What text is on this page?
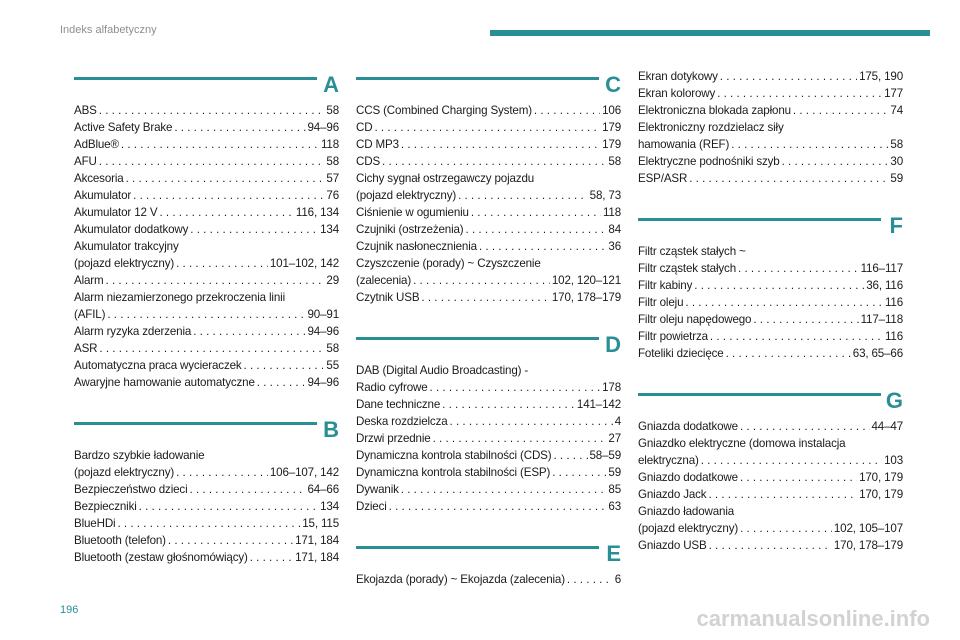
Indeks alfabetyczny
A
ABS . . .	58
Active Safety Brake . . .	94–96
AdBlue® . . .	118
AFU . . .	58
Akcesoria . . .	57
Akumulator . . .	76
Akumulator 12 V . . .	116, 134
Akumulator dodatkowy . . .	134
Akumulator trakcyjny
(pojazd elektryczny) . . .	101–102, 142
Alarm . . .	29
Alarm niezamierzonego przekroczenia linii
(AFIL) . . .	90–91
Alarm ryzyka zderzenia . . .	94–96
ASR . . .	58
Automatyczna praca wycieraczek . . .	55
Awaryjne hamowanie automatyczne . . .	94–96
B
Bardzo szybkie ładowanie
(pojazd elektryczny) . . .	106–107, 142
Bezpieczeństwo dzieci . . .	64–66
Bezpieczniki . . .	134
BlueHDi . . .	15, 115
Bluetooth (telefon) . . .	171, 184
Bluetooth (zestaw głośnomówiący) . . .	171, 184
C
CCS (Combined Charging System) . . .	106
CD . . .	179
CD MP3 . . .	179
CDS . . .	58
Cichy sygnał ostrzegawczy pojazdu
(pojazd elektryczny) . . .	58, 73
Ciśnienie w ogumieniu . . .	118
Czujniki (ostrzeżenia) . . .	84
Czujnik nasłonecznienia . . .	36
Czyszczenie (porady) ~ Czyszczenie
(zalecenia) . . .	102, 120–121
Czytnik USB . . .	170, 178–179
D
DAB (Digital Audio Broadcasting) -
Radio cyfrowe . . .	178
Dane techniczne . . .	141–142
Deska rozdzielcza . . .	4
Drzwi przednie . . .	27
Dynamiczna kontrola stabilności (CDS) . . .	58–59
Dynamiczna kontrola stabilności (ESP) . . .	59
Dywanik . . .	85
Dzieci . . .	63
E
Ekojazda (porady) ~ Ekojazda (zalecenia) . . .	6
Ekran dotykowy . . .	175, 190
Ekran kolorowy . . .	177
Elektroniczna blokada zapłonu . . .	74
Elektroniczny rozdzielacz siły
hamowania (REF) . . .	58
Elektryczne podnośniki szyb . . .	30
ESP/ASR . . .	59
F
Filtr cząstek stałych ~
Filtr cząstek stałych . . .	116–117
Filtr kabiny . . .	36, 116
Filtr oleju . . .	116
Filtr oleju napędowego . . .	117–118
Filtr powietrza . . .	116
Foteliki dziecięce . . .	63, 65–66
G
Gniazda dodatkowe . . .	44–47
Gniazdko elektryczne (domowa instalacja
elektryczna) . . .	103
Gniazdo dodatkowe . . .	170, 179
Gniazdo Jack . . .	170, 179
Gniazdo ładowania
(pojazd elektryczny) . . .	102, 105–107
Gniazdo USB . . .	170, 178–179
196	carmanualsonline.info
